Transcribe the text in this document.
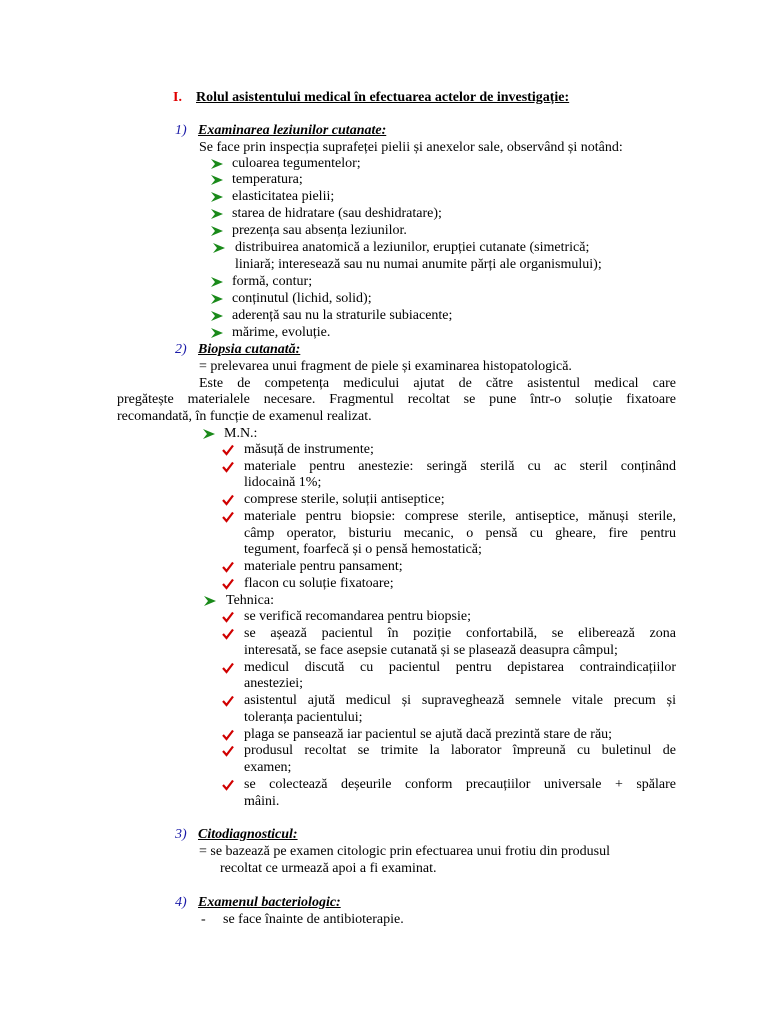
I. Rolul asistentului medical în efectuarea actelor de investigație:
1) Examinarea leziunilor cutanate:
Se face prin inspecția suprafeței pielii și anexelor sale, observând și notând:
culoarea tegumentelor;
temperatura;
elasticitatea pielii;
starea de hidratare (sau deshidratare);
prezența sau absența leziunilor.
distribuirea anatomică a leziunilor, erupției cutanate (simetrică;
liniară; interesează sau nu numai anumite părți ale organismului);
formă, contur;
conținutul (lichid, solid);
aderență sau nu la straturile subiacente;
mărime, evoluție.
2) Biopsia cutanată:
= prelevarea unui fragment de piele și examinarea histopatologică.
Este de competența medicului ajutat de către asistentul medical care
pregătește materialele necesare. Fragmentul recoltat se pune într-o soluție fixatoare
recomandată, în funcție de examenul realizat.
M.N.:
măsuță de instrumente;
materiale pentru anestezie: seringă sterilă cu ac steril conținând
lidocaină 1%;
comprese sterile, soluții antiseptice;
materiale pentru biopsie: comprese sterile, antiseptice, mănuși sterile,
câmp operator, bisturiu mecanic, o pensă cu gheare, fire pentru
tegument, foarfecă și o pensă hemostatică;
materiale pentru pansament;
flacon cu soluție fixatoare;
Tehnica:
se verifică recomandarea pentru biopsie;
se așează pacientul în poziție confortabilă, se eliberează zona
interesată, se face asepsie cutanată și se plasează deasupra câmpul;
medicul discută cu pacientul pentru depistarea contraindicațiilor
anesteziei;
asistentul ajută medicul și supraveghează semnele vitale precum și
toleranța pacientului;
plaga se pansează iar pacientul se ajută dacă prezintă stare de rău;
produsul recoltat se trimite la laborator împreună cu buletinul de
examen;
se colectează deșeurile conform precauțiilor universale + spălare
mâini.
3) Citodiagnosticul:
= se bazează pe examen citologic prin efectuarea unui frotiu din produsul
recoltat ce urmează apoi a fi examinat.
4) Examenul bacteriologic:
- se face înainte de antibioterapie.
